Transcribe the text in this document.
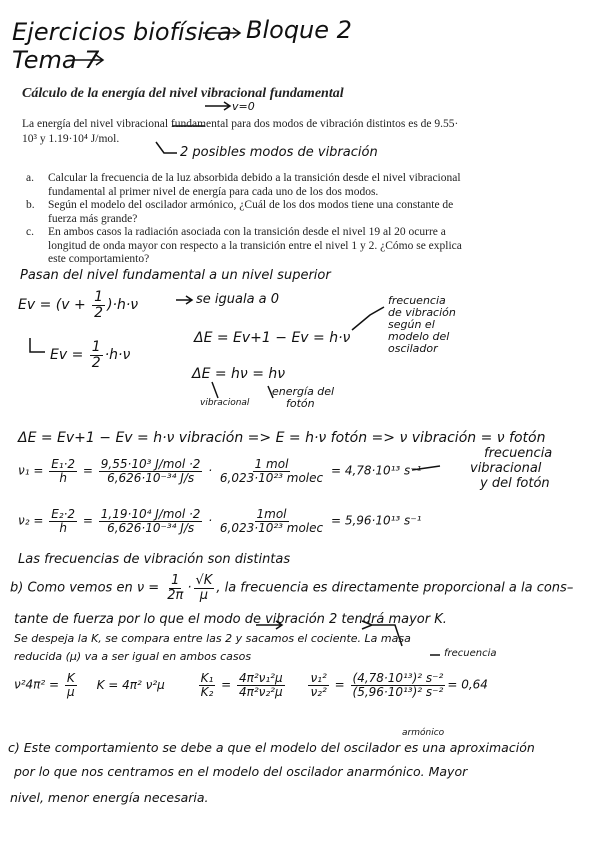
Ejercicios biofísica Bloque 2
Tema 7
Cálculo de la energía del nivel vibracional fundamental
v=0
La energía del nivel vibracional fundamental para dos modos de vibración distintos es de 9.55·
10³ y 1.19·10⁴ J/mol.
2 posibles modos de vibración
a.	Calcular la frecuencia de la luz absorbida debido a la transición desde el nivel vibracional
fundamental al primer nivel de energía para cada uno de los dos modos.
b.	Según el modelo del oscilador armónico, ¿Cuál de los dos modos tiene una constante de
fuerza más grande?
c.	En ambos casos la radiación asociada con la transición desde el nivel 19 al 20 ocurre a
longitud de onda mayor con respecto a la transición entre el nivel 1 y 2. ¿Cómo se explica
este comportamiento?
Pasan del nivel fundamental a un nivel superior
$Ev = (v + \frac{1}{2} )\cdot h\cdot\nu$	se iguala a 0	frecuencia
de vibración
según el
modelo del
oscilador
ΔE = Ev+1 − Ev = h·ν
$Ev = \frac{1}{2} \cdot h\cdot\nu$
ΔE = hν = hν
vibracional
energía del
fotón
ΔE = Ev+1 − Ev = h·ν vibración => E = h·ν fotón => ν vibración = ν fotón
frecuencia
vibracional
y del fotón
$\nu_1 = \frac{\text{E₁·2}}{h} = \frac{\text{9,55·10³ J/mol ·2}}{\text{6,626·10⁻³⁴ J/s}} \cdot \frac{\text{1 mol}}{\text{6,023·10²³ molec}} = 4,78\cdot 10^{13}$ s⁻¹
$\nu_2 = \frac{\text{E₂·2}}{h} = \frac{\text{1,19·10⁴ J/mol ·2}}{\text{6,626·10⁻³⁴ J/s}} \cdot \frac{\text{1mol}}{\text{6,023·10²³ molec}} = 5,96\cdot 10^{13}$ s⁻¹
Las frecuencias de vibración son distintas
b) Como vemos en $\nu = \frac{1}{2\pi} \cdot \frac{√K}{\mu}$ , la frecuencia es directamente proporcional a la cons–
tante de fuerza por lo que el modo de vibración 2 tendrá mayor K.
Se despeja la K, se compara entre las 2 y sacamos el cociente. La masa
reducida (μ) va a ser igual en ambos casos	frecuencia
$\nu^24\pi^2 = \frac{K}{\mu}$ K = 4π² ν²μ	$\frac{\text{K₁}}{\text{K₂}} = \frac{\text{4π²ν₁²μ}}{\text{4π²ν₂²μ}}$
$\frac{\text{ν₁²}}{\text{ν₂²}} = \frac{\text{(4,78·10¹³)² s⁻²}}{\text{(5,96·10¹³)² s⁻²}} = 0,64$
armónico
c) Este comportamiento se debe a que el modelo del oscilador es una aproximación
por lo que nos centramos en el modelo del oscilador anarmónico. Mayor
nivel, menor energía necesaria.
